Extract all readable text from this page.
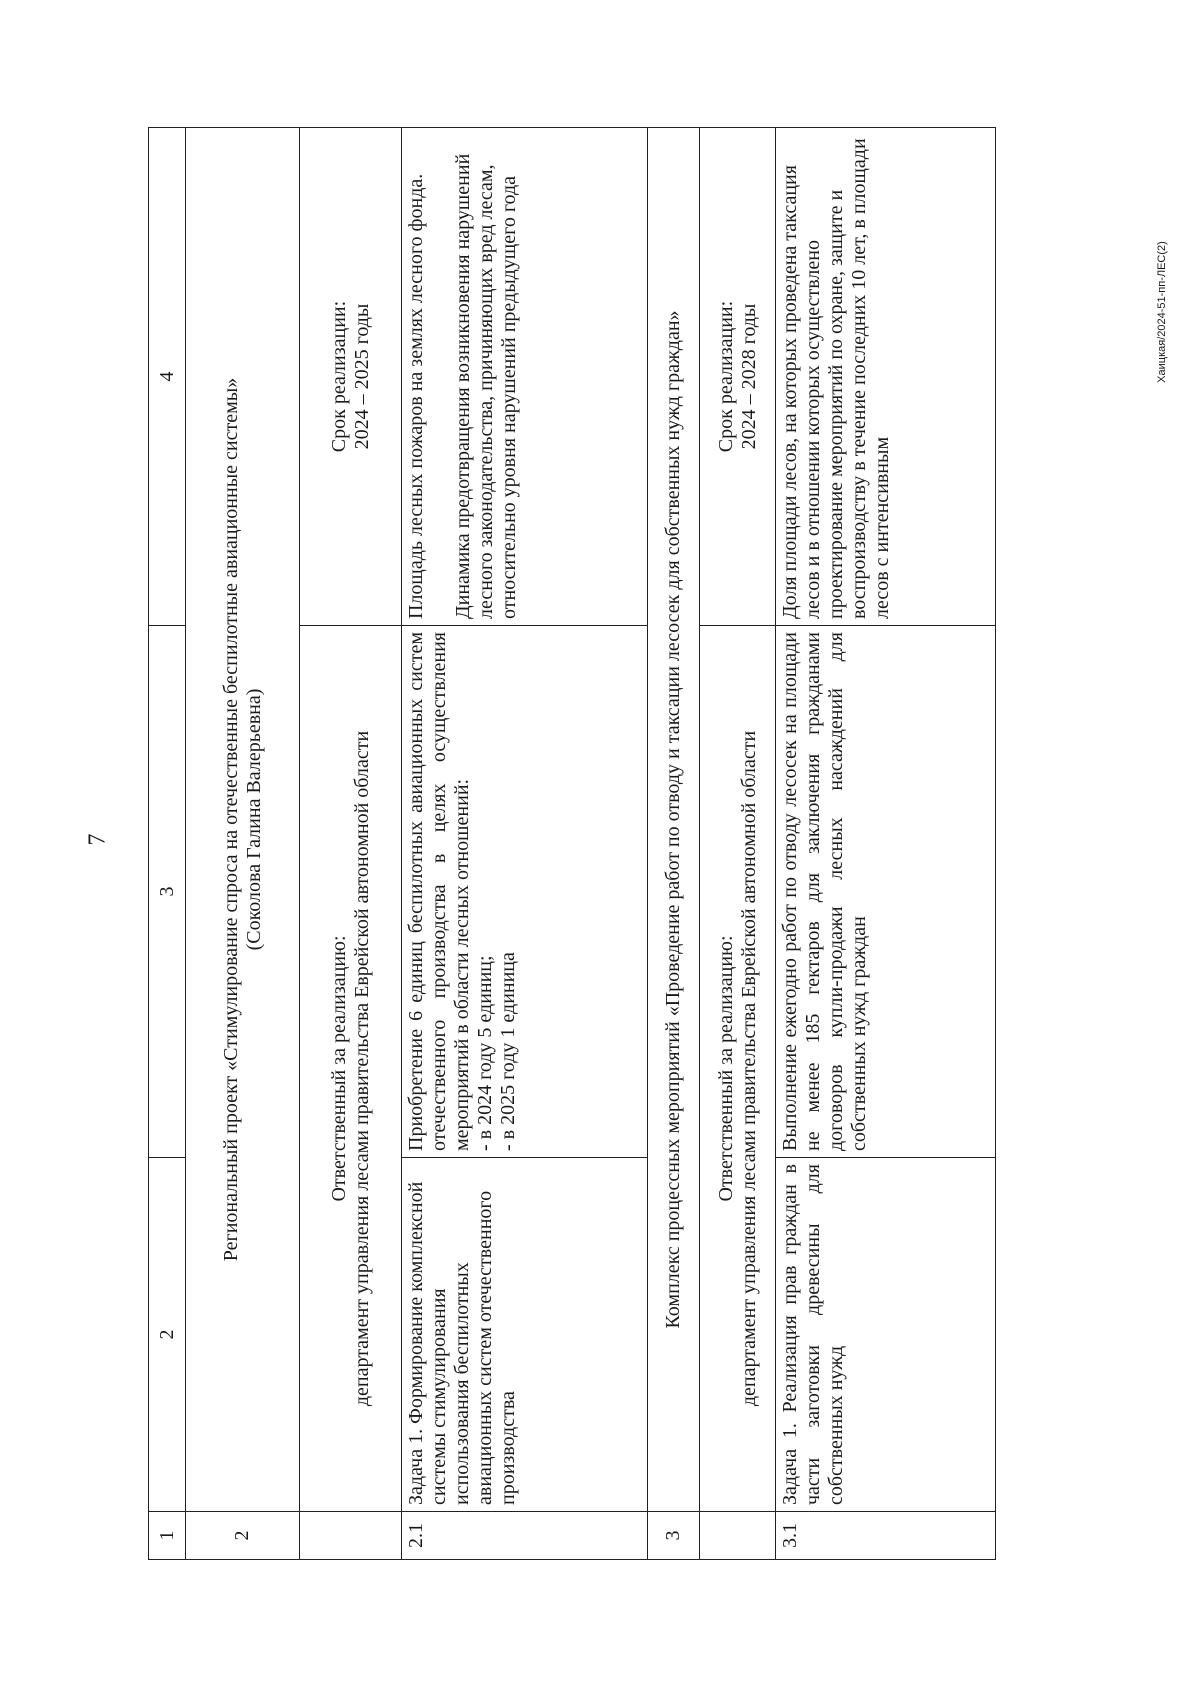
7
Хаицкая/2024-51-пп-ЛЕС(2)
1	2	3	4
2	Региональный проект «Стимулирование спроса на отечественные беспилотные авиационные системы» (Соколова Галина Валерьевна)		

	Ответственный за реализацию: департамент управления лесами правительства Еврейской автономной области		Срок реализации: 2024 – 2025 годы

2.1	Задача 1. Формирование комплексной системы стимулирования использования беспилотных авиационных систем отечественного производства	Приобретение 6 единиц беспилотных авиационных систем отечественного производства в целях осуществления мероприятий в области лесных отношений: - в 2024 году 5 единиц; - в 2025 году 1 единица	Площадь лесных пожаров на землях лесного фонда. Динамика предотвращения возникновения нарушений лесного законодательства, причиняющих вред лесам, относительно уровня нарушений предыдущего года

3	Комплекс процессных мероприятий «Проведение работ по отводу и таксации лесосек для собственных нужд граждан»		

	Ответственный за реализацию: департамент управления лесами правительства Еврейской автономной области		Срок реализации: 2024 – 2028 годы

3.1	Задача 1. Реализация прав граждан в части заготовки древесины для собственных нужд	Выполнение ежегодно работ по отводу лесосек на площади не менее 185 гектаров для заключения гражданами договоров купли-продажи лесных насаждений для собственных нужд граждан	Доля площади лесов, на которых проведена таксация лесов и в отношении которых осуществлено проектирование мероприятий по охране, защите и воспроизводству в течение последних 10 лет, в площади лесов с интенсивным
